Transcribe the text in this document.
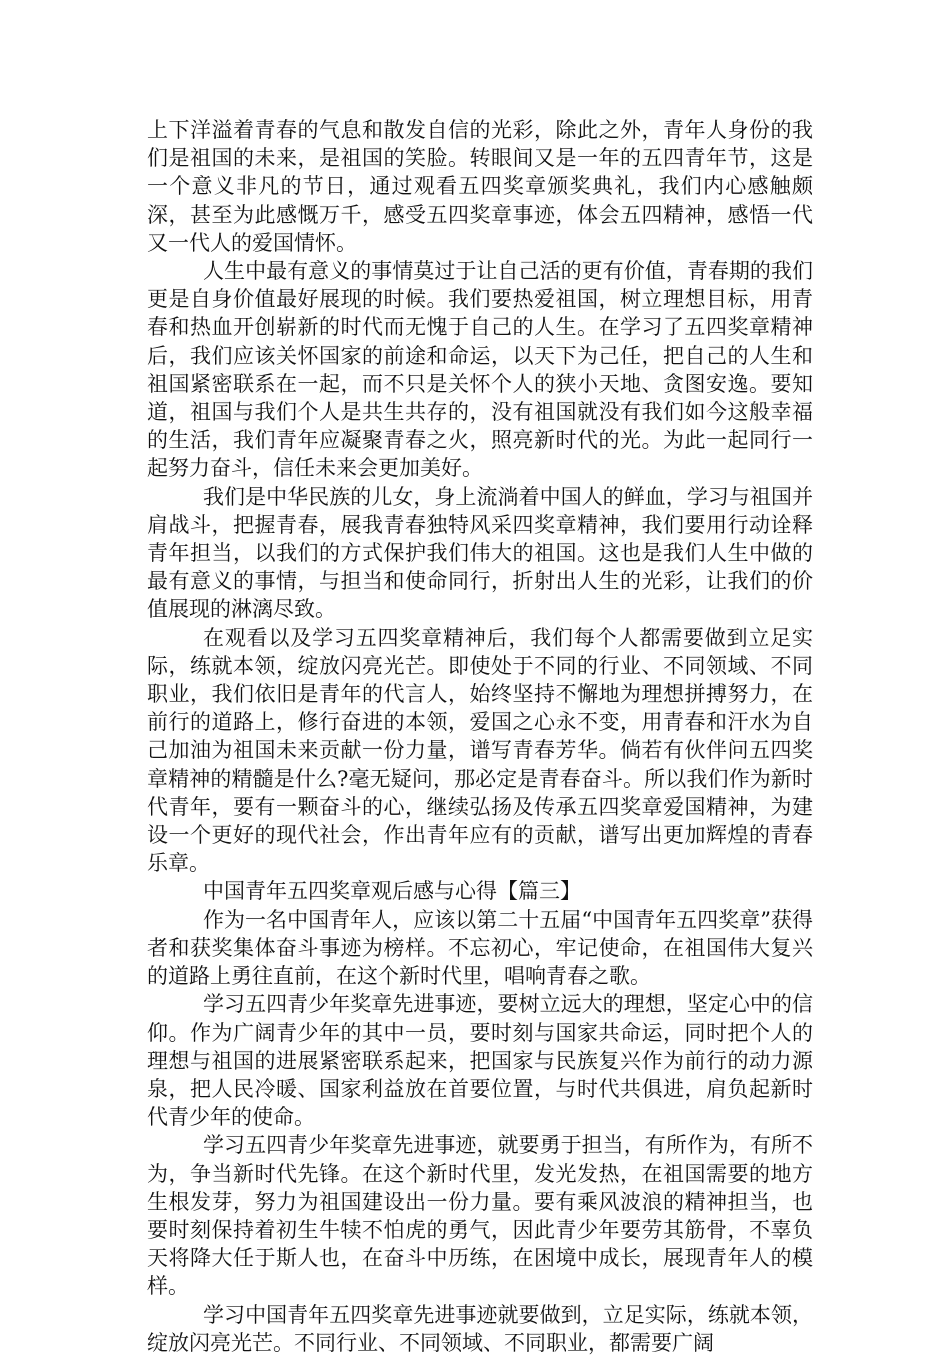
上下洋溢着青春的气息和散发自信的光彩，除此之外，青年人身份的我们是祖国的未来，是祖国的笑脸。转眼间又是一年的五四青年节，这是一个意义非凡的节日，通过观看五四奖章颁奖典礼，我们内心感触颇深，甚至为此感慨万千，感受五四奖章事迹，体会五四精神，感悟一代又一代人的爱国情怀。

人生中最有意义的事情莫过于让自己活的更有价值，青春期的我们更是自身价值最好展现的时候。我们要热爱祖国，树立理想目标，用青春和热血开创崭新的时代而无愧于自己的人生。在学习了五四奖章精神后，我们应该关怀国家的前途和命运，以天下为己任，把自己的人生和祖国紧密联系在一起，而不只是关怀个人的狭小天地、贪图安逸。要知道，祖国与我们个人是共生共存的，没有祖国就没有我们如今这般幸福的生活，我们青年应凝聚青春之火，照亮新时代的光。为此一起同行一起努力奋斗，信任未来会更加美好。

我们是中华民族的儿女，身上流淌着中国人的鲜血，学习与祖国并肩战斗，把握青春，展我青春独特风采四奖章精神，我们要用行动诠释青年担当，以我们的方式保护我们伟大的祖国。这也是我们人生中做的最有意义的事情，与担当和使命同行，折射出人生的光彩，让我们的价值展现的淋漓尽致。

在观看以及学习五四奖章精神后，我们每个人都需要做到立足实际，练就本领，绽放闪亮光芒。即使处于不同的行业、不同领域、不同职业，我们依旧是青年的代言人，始终坚持不懈地为理想拼搏努力，在前行的道路上，修行奋进的本领，爱国之心永不变，用青春和汗水为自己加油为祖国未来贡献一份力量，谱写青春芳华。倘若有伙伴问五四奖章精神的精髓是什么?毫无疑问，那必定是青春奋斗。所以我们作为新时代青年，要有一颗奋斗的心，继续弘扬及传承五四奖章爱国精神，为建设一个更好的现代社会，作出青年应有的贡献，谱写出更加辉煌的青春乐章。

中国青年五四奖章观后感与心得【篇三】

作为一名中国青年人，应该以第二十五届“中国青年五四奖章”获得者和获奖集体奋斗事迹为榜样。不忘初心，牢记使命，在祖国伟大复兴的道路上勇往直前，在这个新时代里，唱响青春之歌。

学习五四青少年奖章先进事迹，要树立远大的理想，坚定心中的信仰。作为广阔青少年的其中一员，要时刻与国家共命运，同时把个人的理想与祖国的进展紧密联系起来，把国家与民族复兴作为前行的动力源泉，把人民冷暖、国家利益放在首要位置，与时代共俱进，肩负起新时代青少年的使命。

学习五四青少年奖章先进事迹，就要勇于担当，有所作为，有所不为，争当新时代先锋。在这个新时代里，发光发热，在祖国需要的地方生根发芽，努力为祖国建设出一份力量。要有乘风波浪的精神担当，也要时刻保持着初生牛犊不怕虎的勇气，因此青少年要劳其筋骨，不辜负天将降大任于斯人也，在奋斗中历练，在困境中成长，展现青年人的模样。

学习中国青年五四奖章先进事迹就要做到，立足实际，练就本领，绽放闪亮光芒。不同行业、不同领域、不同职业，都需要广阔
